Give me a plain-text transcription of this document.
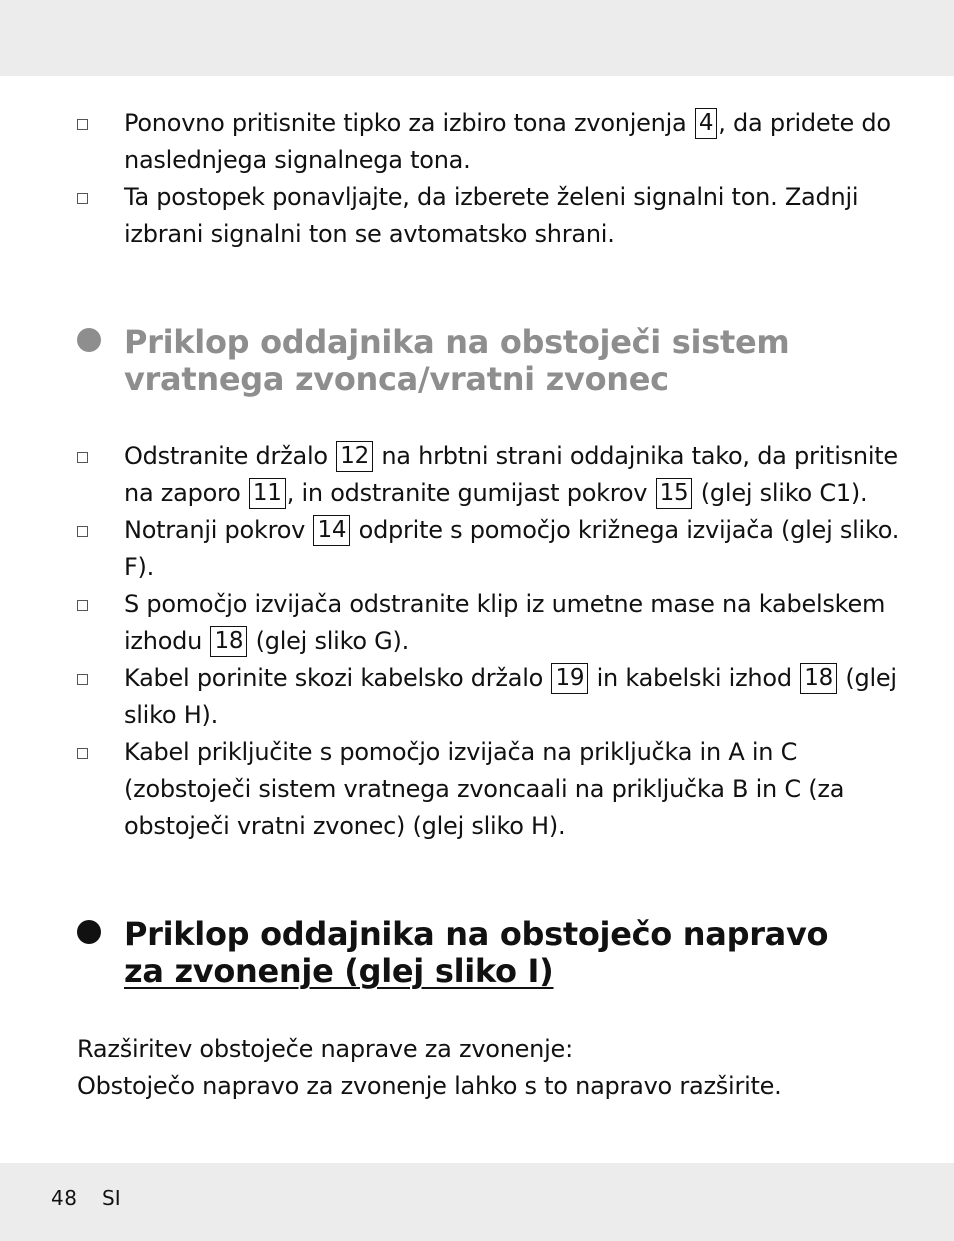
Ponovno pritisnite tipko za izbiro tona zvonjenja 4 , da pridete do naslednjega signalnega tona.
Ta postopek ponavljajte, da izberete želeni signalni ton. Zadnji izbrani signalni ton se avtomatsko shrani.
Priklop oddajnika na obstoječi sistem
vratnega zvonca/vratni zvonec
Odstranite držalo 12 na hrbtni strani oddajnika tako, da pritisnite na zaporo 11 , in odstranite gumijast pokrov 15 (glej sliko C1).
Notranji pokrov 14 odprite s pomočjo križnega izvijača (glej sliko. F).
S pomočjo izvijača odstranite klip iz umetne mase na kabelskem izhodu 18 (glej sliko G).
Kabel porinite skozi kabelsko držalo 19 in kabelski izhod 18 (glej sliko H).
Kabel priključite s pomočjo izvijača na priključka in A in C (zobstoječi sistem vratnega zvoncaali na priključka B in C (za obstoječi vratni zvonec) (glej sliko H).
Priklop oddajnika na obstoječo napravo
za zvonenje (glej sliko I)
Razširitev obstoječe naprave za zvonenje:
Obstoječo napravo za zvonenje lahko s to napravo razširite.
48 SI
